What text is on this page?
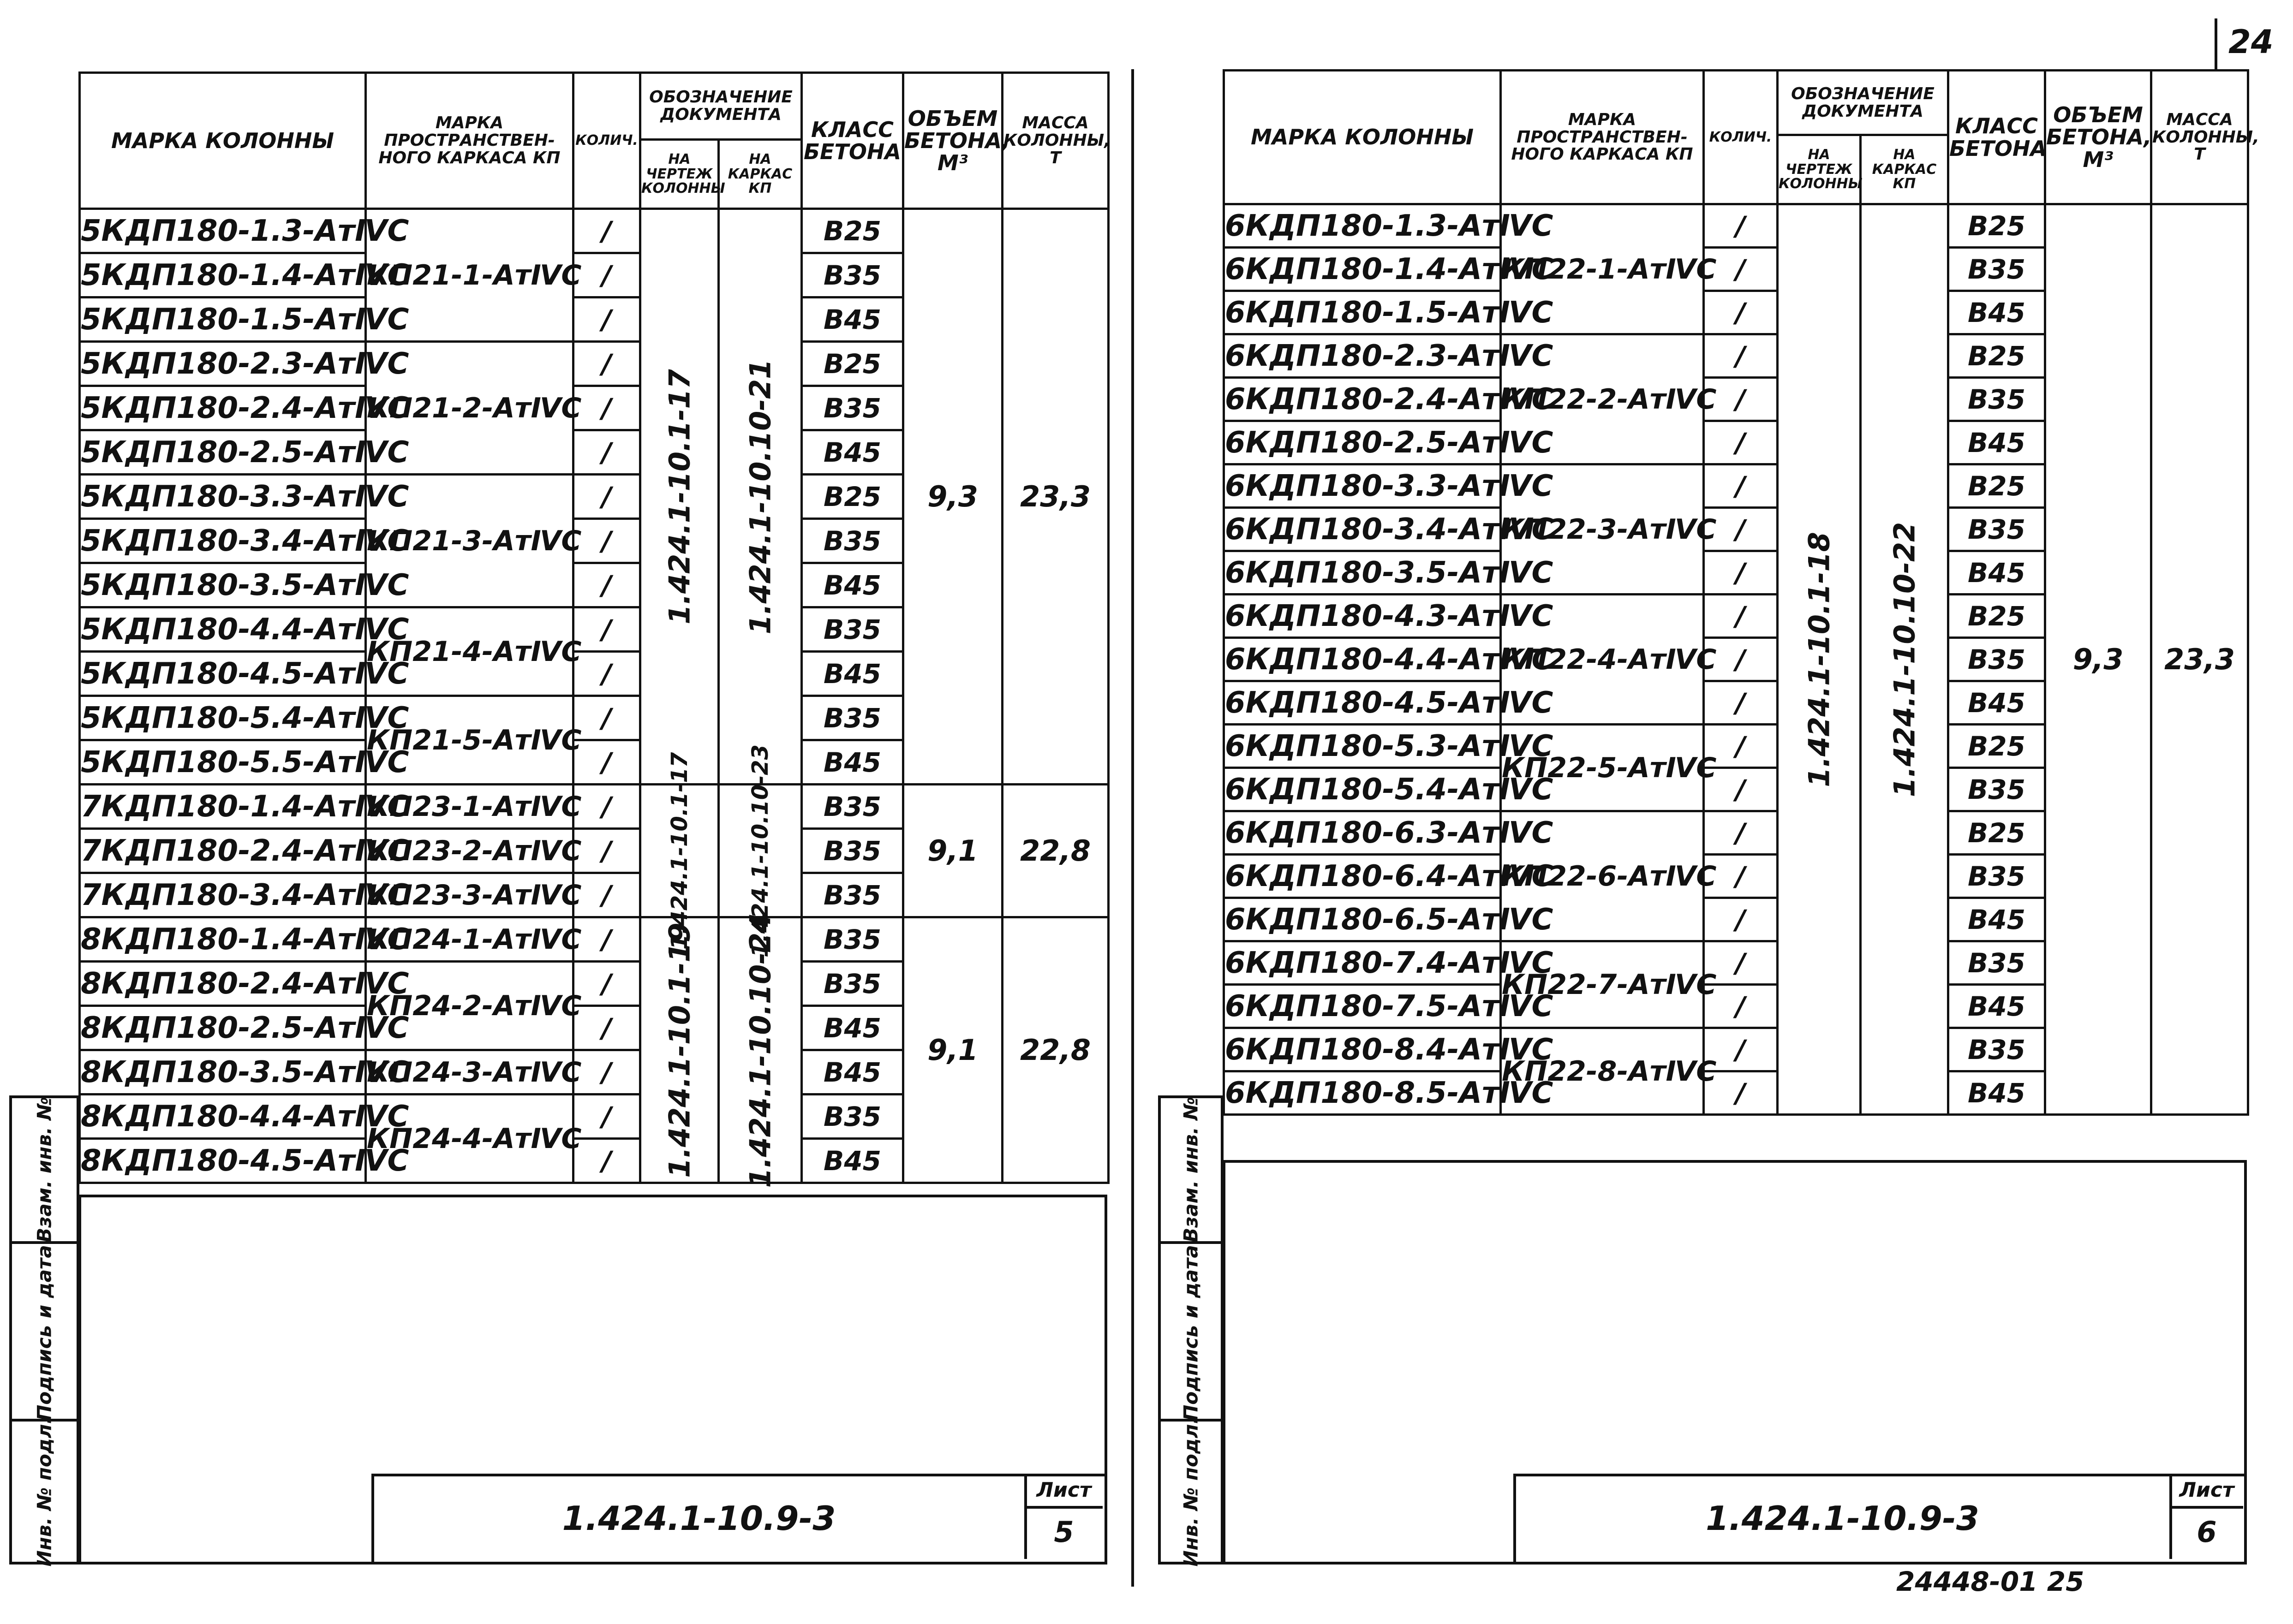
24
МАРКА КОЛОННЫ	МАРКА ПРОСТРАНСТВЕН-НОГО КАРКАСА КП	КОЛИЧ.	ОБОЗНАЧЕНИЕ ДОКУМЕНТА		КЛАСС БЕТОНА	ОБЪЕМ БЕТОНА, М³	МАССА КОЛОННЫ, Т
			НА ЧЕРТЕЖ КОЛОННЫ	НА КАРКАС КП			
5КДП180-1.3-АтⅣС	КП21-1-АтⅣС	/	1.424.1-10.1-17	1.424.1-10.10-21	В25	9,3	23,3
5КДП180-1.4-АтⅣС		/			В35		
5КДП180-1.5-АтⅣС		/			В45		
5КДП180-2.3-АтⅣС	КП21-2-АтⅣС	/			В25		
5КДП180-2.4-АтⅣС		/			В35		
5КДП180-2.5-АтⅣС		/			В45		
5КДП180-3.3-АтⅣС	КП21-3-АтⅣС	/			В25		
5КДП180-3.4-АтⅣС		/			В35		
5КДП180-3.5-АтⅣС		/			В45		
5КДП180-4.4-АтⅣС	КП21-4-АтⅣС	/			В35		
5КДП180-4.5-АтⅣС		/			В45		
5КДП180-5.4-АтⅣС	КП21-5-АтⅣС	/			В35		
5КДП180-5.5-АтⅣС		/			В45		
7КДП180-1.4-АтⅣС	КП23-1-АтⅣС	/	1.424.1-10.1-17	1.424.1-10.10-23	В35	9,1	22,8
7КДП180-2.4-АтⅣС	КП23-2-АтⅣС	/			В35		
7КДП180-3.4-АтⅣС	КП23-3-АтⅣС	/			В35		
8КДП180-1.4-АтⅣС	КП24-1-АтⅣС	/	1.424.1-10.1-19	1.424.1-10.10-24	В35	9,1	22,8
8КДП180-2.4-АтⅣС	КП24-2-АтⅣС	/			В35		
8КДП180-2.5-АтⅣС		/			В45		
8КДП180-3.5-АтⅣС	КП24-3-АтⅣС	/			В45		
8КДП180-4.4-АтⅣС	КП24-4-АтⅣС	/			В35		
8КДП180-4.5-АтⅣС		/			В45		
1.424.1-10.9-3
Лист
5
Взам. инв. №
Подпись и дата
Инв. № подл.
МАРКА КОЛОННЫ	МАРКА ПРОСТРАНСТВЕН-НОГО КАРКАСА КП	КОЛИЧ.	ОБОЗНАЧЕНИЕ ДОКУМЕНТА		КЛАСС БЕТОНА	ОБЪЕМ БЕТОНА, М³	МАССА КОЛОННЫ, Т
			НА ЧЕРТЕЖ КОЛОННЫ	НА КАРКАС КП			
6КДП180-1.3-АтⅣС	КП22-1-АтⅣС	/	1.424.1-10.1-18	1.424.1-10.10-22	В25	9,3	23,3
6КДП180-1.4-АтⅣС		/			В35		
6КДП180-1.5-АтⅣС		/			В45		
6КДП180-2.3-АтⅣС	КП22-2-АтⅣС	/			В25		
6КДП180-2.4-АтⅣС		/			В35		
6КДП180-2.5-АтⅣС		/			В45		
6КДП180-3.3-АтⅣС	КП22-3-АтⅣС	/			В25		
6КДП180-3.4-АтⅣС		/			В35		
6КДП180-3.5-АтⅣС		/			В45		
6КДП180-4.3-АтⅣС	КП22-4-АтⅣС	/			В25		
6КДП180-4.4-АтⅣС		/			В35		
6КДП180-4.5-АтⅣС		/			В45		
6КДП180-5.3-АтⅣС	КП22-5-АтⅣС	/			В25		
6КДП180-5.4-АтⅣС		/			В35		
6КДП180-6.3-АтⅣС	КП22-6-АтⅣС	/			В25		
6КДП180-6.4-АтⅣС		/			В35		
6КДП180-6.5-АтⅣС		/			В45		
6КДП180-7.4-АтⅣС	КП22-7-АтⅣС	/			В35		
6КДП180-7.5-АтⅣС		/			В45		
6КДП180-8.4-АтⅣС	КП22-8-АтⅣС	/			В35		
6КДП180-8.5-АтⅣС		/			В45		
1.424.1-10.9-3
Лист
6
Взам. инв. №
Подпись и дата
Инв. № подл.
24448-01 25
